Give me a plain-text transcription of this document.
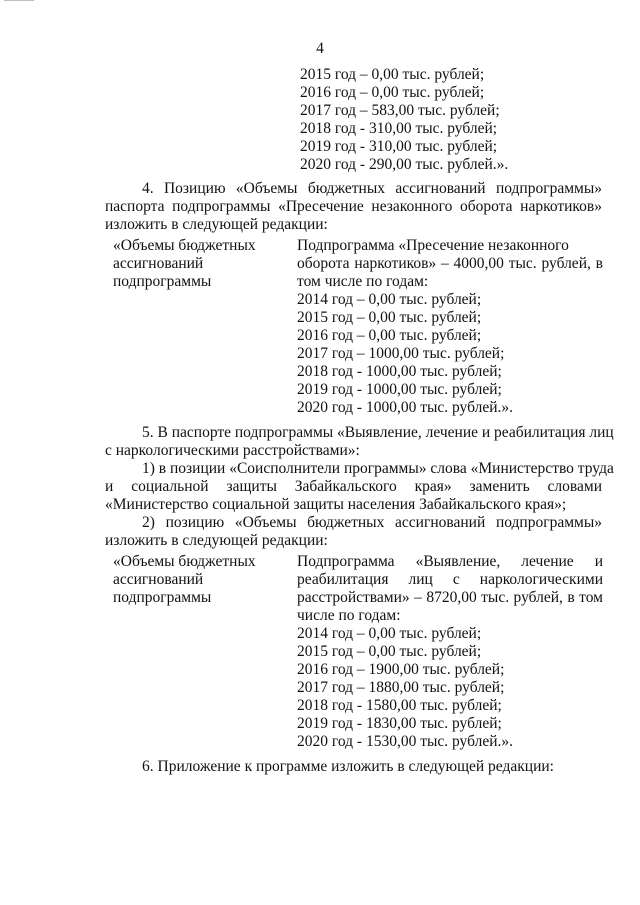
4
2015 год – 0,00 тыс. рублей;
2016 год – 0,00 тыс. рублей;
2017 год – 583,00 тыс. рублей;
2018 год - 310,00 тыс. рублей;
2019 год - 310,00 тыс. рублей;
2020 год - 290,00 тыс. рублей.».
4. Позицию «Объемы бюджетных ассигнований подпрограммы»
паспорта подпрограммы «Пресечение незаконного оборота наркотиков»
изложить в следующей редакции:
«Объемы бюджетных
ассигнований
подпрограммы
Подпрограмма «Пресечение незаконного
оборота наркотиков» – 4000,00 тыс. рублей, в
том числе по годам:
2014 год – 0,00 тыс. рублей;
2015 год – 0,00 тыс. рублей;
2016 год – 0,00 тыс. рублей;
2017 год – 1000,00 тыс. рублей;
2018 год - 1000,00 тыс. рублей;
2019 год - 1000,00 тыс. рублей;
2020 год - 1000,00 тыс. рублей.».
5. В паспорте подпрограммы «Выявление, лечение и реабилитация лиц
с наркологическими расстройствами»:
1) в позиции «Соисполнители программы» слова «Министерство труда
и социальной защиты Забайкальского края» заменить словами
«Министерство социальной защиты населения Забайкальского края»;
2) позицию «Объемы бюджетных ассигнований подпрограммы»
изложить в следующей редакции:
«Объемы бюджетных
ассигнований
подпрограммы
Подпрограмма «Выявление, лечение и
реабилитация лиц с наркологическими
расстройствами» – 8720,00 тыс. рублей, в том
числе по годам:
2014 год – 0,00 тыс. рублей;
2015 год – 0,00 тыс. рублей;
2016 год – 1900,00 тыс. рублей;
2017 год – 1880,00 тыс. рублей;
2018 год - 1580,00 тыс. рублей;
2019 год - 1830,00 тыс. рублей;
2020 год - 1530,00 тыс. рублей.».
6. Приложение к программе изложить в следующей редакции:
